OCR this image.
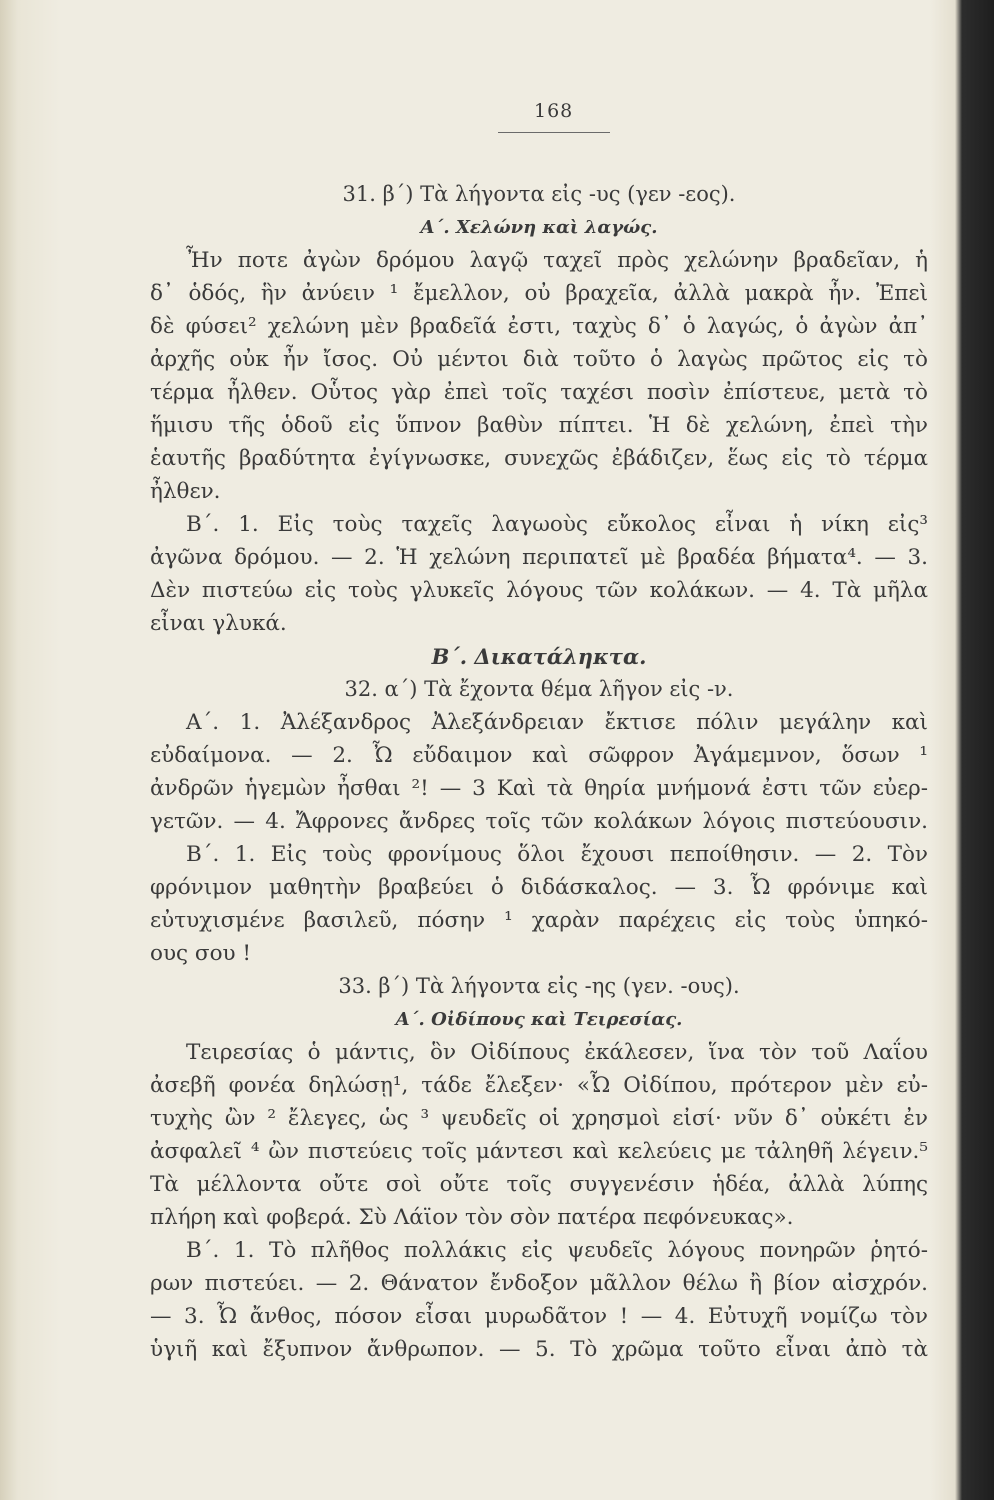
168
31. β΄) Τὰ λήγοντα εἰς -υς (γεν -εος).
Α΄. Χελώνη καὶ λαγώς.
Ἦν ποτε ἀγὼν δρόμου λαγῷ ταχεῖ πρὸς χελώνην βραδεῖαν, ἡ
δ᾽ ὁδός, ἣν ἀνύειν ¹ ἔμελλον, οὐ βραχεῖα, ἀλλὰ μακρὰ ἦν. Ἐπεὶ
δὲ φύσει² χελώνη μὲν βραδεῖά ἐστι, ταχὺς δ᾽ ὁ λαγώς, ὁ ἀγὼν ἀπ᾽
ἀρχῆς οὐκ ἦν ἴσος. Οὐ μέντοι διὰ τοῦτο ὁ λαγὼς πρῶτος εἰς τὸ
τέρμα ἦλθεν. Οὗτος γὰρ ἐπεὶ τοῖς ταχέσι ποσὶν ἐπίστευε, μετὰ τὸ
ἥμισυ τῆς ὁδοῦ εἰς ὕπνον βαθὺν πίπτει. Ἡ δὲ χελώνη, ἐπεὶ τὴν
ἑαυτῆς βραδύτητα ἐγίγνωσκε, συνεχῶς ἐβάδιζεν, ἕως εἰς τὸ τέρμα
ἦλθεν.
Β΄. 1. Εἰς τοὺς ταχεῖς λαγωοὺς εὔκολος εἶναι ἡ νίκη εἰς³
ἀγῶνα δρόμου. — 2. Ἡ χελώνη περιπατεῖ μὲ βραδέα βήματα⁴. — 3.
Δὲν πιστεύω εἰς τοὺς γλυκεῖς λόγους τῶν κολάκων. — 4. Τὰ μῆλα
εἶναι γλυκά.
Β΄. Δικατάληκτα.
32. α΄) Τὰ ἔχοντα θέμα λῆγον εἰς -ν.
Α΄. 1. Ἀλέξανδρος Ἀλεξάνδρειαν ἔκτισε πόλιν μεγάλην καὶ
εὐδαίμονα. — 2. Ὦ εὔδαιμον καὶ σῶφρον Ἀγάμεμνον, ὅσων ¹
ἀνδρῶν ἡγεμὼν ἦσθαι ²! — 3 Καὶ τὰ θηρία μνήμονά ἐστι τῶν εὐερ-
γετῶν. — 4. Ἄφρονες ἄνδρες τοῖς τῶν κολάκων λόγοις πιστεύουσιν.
Β΄. 1. Εἰς τοὺς φρονίμους ὅλοι ἔχουσι πεποίθησιν. — 2. Τὸν
φρόνιμον μαθητὴν βραβεύει ὁ διδάσκαλος. — 3. Ὦ φρόνιμε καὶ
εὐτυχισμένε βασιλεῦ, πόσην ¹ χαρὰν παρέχεις εἰς τοὺς ὑπηκό-
ους σου !
33. β΄) Τὰ λήγοντα εἰς -ης (γεν. -ους).
Α΄. Οἰδίπους καὶ Τειρεσίας.
Τειρεσίας ὁ μάντις, ὃν Οἰδίπους ἐκάλεσεν, ἵνα τὸν τοῦ Λαΐου
ἀσεβῆ φονέα δηλώσῃ¹, τάδε ἔλεξεν· «Ὦ Οἰδίπου, πρότερον μὲν εὐ-
τυχὴς ὢν ² ἔλεγες, ὡς ³ ψευδεῖς οἱ χρησμοὶ εἰσί· νῦν δ᾽ οὐκέτι ἐν
ἀσφαλεῖ ⁴ ὢν πιστεύεις τοῖς μάντεσι καὶ κελεύεις με τἀληθῆ λέγειν.⁵
Τὰ μέλλοντα οὔτε σοὶ οὔτε τοῖς συγγενέσιν ἡδέα, ἀλλὰ λύπης
πλήρη καὶ φοβερά. Σὺ Λάϊον τὸν σὸν πατέρα πεφόνευκας».
Β΄. 1. Τὸ πλῆθος πολλάκις εἰς ψευδεῖς λόγους πονηρῶν ῥητό-
ρων πιστεύει. — 2. Θάνατον ἔνδοξον μᾶλλον θέλω ἢ βίον αἰσχρόν.
— 3. Ὦ ἄνθος, πόσον εἶσαι μυρωδᾶτον ! — 4. Εὐτυχῆ νομίζω τὸν
ὑγιῆ καὶ ἔξυπνον ἄνθρωπον. — 5. Τὸ χρῶμα τοῦτο εἶναι ἀπὸ τὰ
